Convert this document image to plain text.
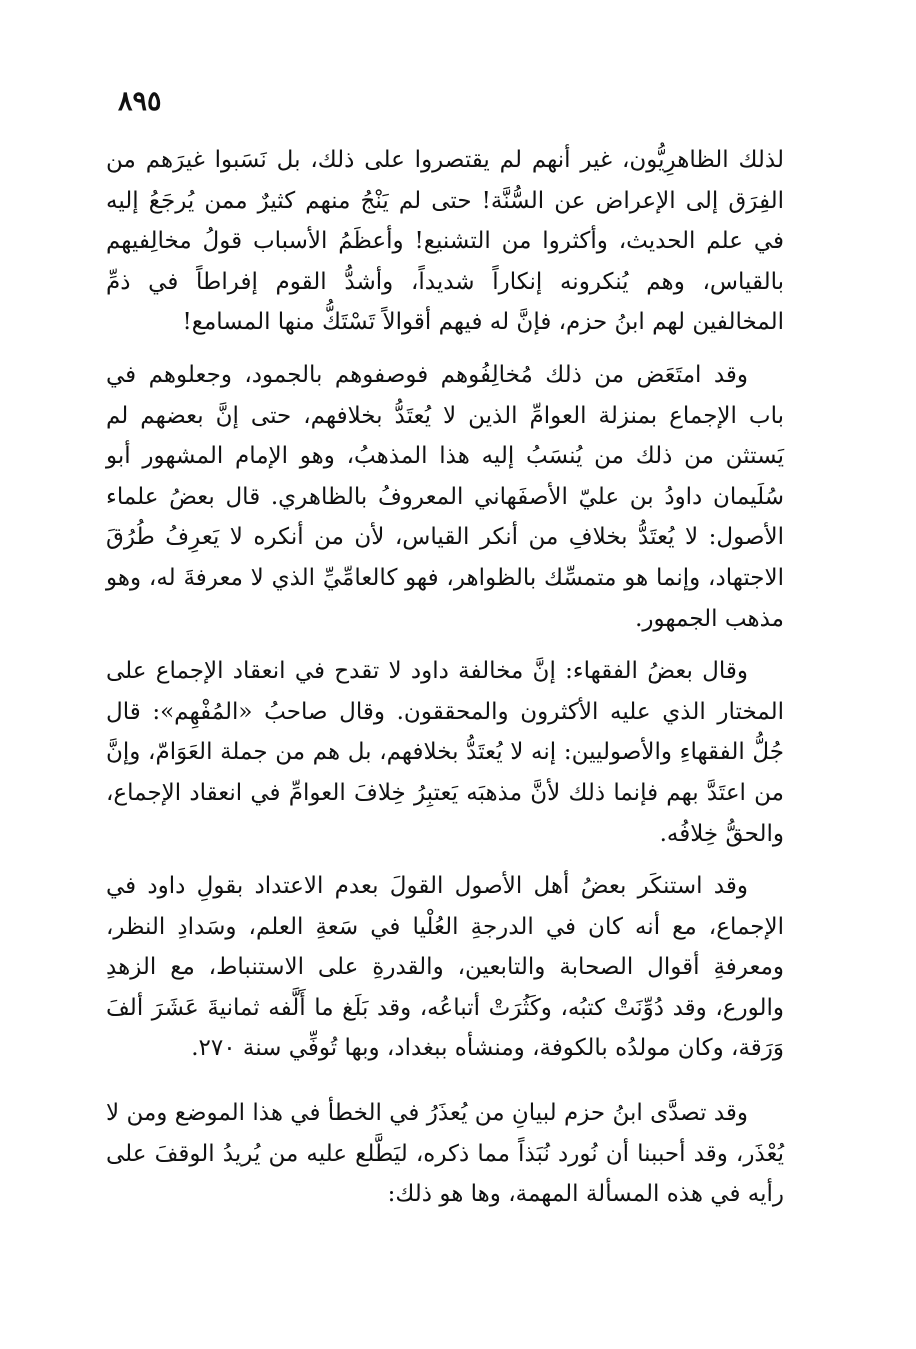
٨٩٥

لذلك الظاهرِيُّون، غير أنهم لم يقتصروا على ذلك، بل نَسَبوا غيرَهم من الفِرَق إلى الإعراض عن السُّنَّة! حتى لم يَنْجُ منهم كثيرٌ ممن يُرجَعُ إليه في علم الحديث، وأكثروا من التشنيع! وأعظَمُ الأسباب قولُ مخالِفيهم بالقياس، وهم يُنكرونه إنكاراً شديداً، وأشدُّ القوم إفراطاً في ذمِّ المخالفين لهم ابنُ حزم، فإنَّ له فيهم أقوالاً تَسْتَكُّ منها المسامع!

وقد امتَعَض من ذلك مُخالِفُوهم فوصفوهم بالجمود، وجعلوهم في باب الإجماع بمنزلة العوامِّ الذين لا يُعتَدُّ بخلافهم، حتى إنَّ بعضهم لم يَستثن من ذلك من يُنسَبُ إليه هذا المذهبُ، وهو الإمام المشهور أبو سُلَيمان داودُ بن عليّ الأصفَهاني المعروفُ بالظاهري. قال بعضُ علماء الأصول: لا يُعتَدُّ بخلافِ من أنكر القياس، لأن من أنكره لا يَعرِفُ طُرُقَ الاجتهاد، وإنما هو متمسِّك بالظواهر، فهو كالعامِّيِّ الذي لا معرفةَ له، وهو مذهب الجمهور.

وقال بعضُ الفقهاء: إنَّ مخالفة داود لا تقدح في انعقاد الإجماع على المختار الذي عليه الأكثرون والمحققون. وقال صاحبُ «المُفْهِم»: قال جُلُّ الفقهاءِ والأصوليين: إنه لا يُعتَدُّ بخلافهم، بل هم من جملة العَوَامّ، وإنَّ من اعتَدَّ بهم فإنما ذلك لأنَّ مذهبَه يَعتبِرُ خِلافَ العوامِّ في انعقاد الإجماع، والحقُّ خِلافُه.

وقد استنكَر بعضُ أهل الأصول القولَ بعدم الاعتداد بقولِ داود في الإجماع، مع أنه كان في الدرجةِ العُلْيا في سَعةِ العلم، وسَدادِ النظر، ومعرفةِ أقوال الصحابة والتابعين، والقدرةِ على الاستنباط، مع الزهدِ والورع، وقد دُوِّنَتْ كتبُه، وكَثُرَتْ أتباعُه، وقد بَلَغ ما أَلَّفه ثمانيةَ عَشَرَ ألفَ وَرَقة، وكان مولدُه بالكوفة، ومنشأه ببغداد، وبها تُوفِّي سنة ٢٧٠.

وقد تصدَّى ابنُ حزم لبيانِ من يُعذَرُ في الخطأ في هذا الموضع ومن لا يُعْذَر، وقد أحببنا أن نُورد نُبَذاً مما ذكره، ليَطَّلع عليه من يُريدُ الوقفَ على رأيه في هذه المسألة المهمة، وها هو ذلك:
